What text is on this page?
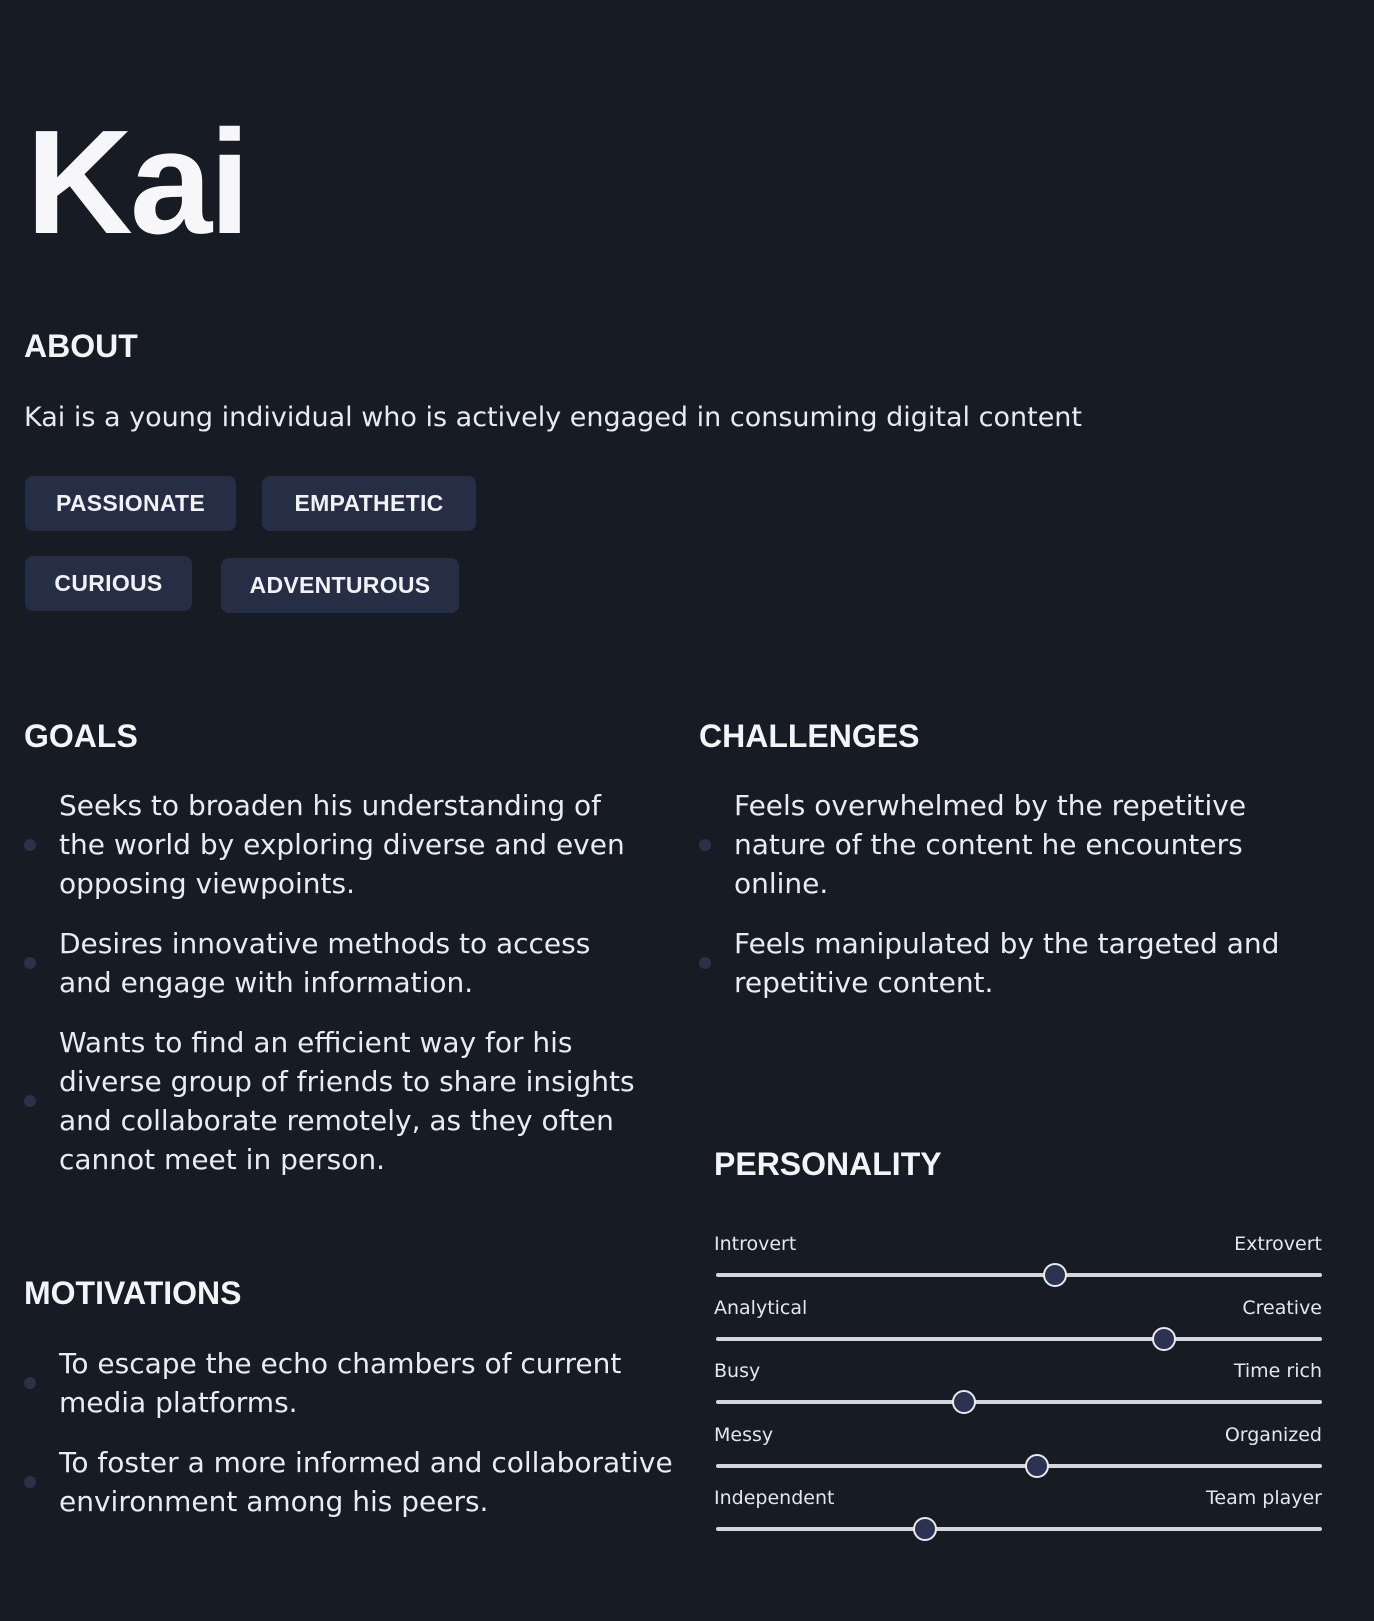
Kai
ABOUT

Kai is a young individual who is actively engaged in consuming digital content

PASSIONATE	EMPATHETIC
CURIOUS	ADVENTUROUS
GOALS
Seeks to broaden his understanding of the world by exploring diverse and even opposing viewpoints.
Desires innovative methods to access and engage with information.
Wants to find an efficient way for his diverse group of friends to share insights and collaborate remotely, as they often cannot meet in person.
CHALLENGES
Feels overwhelmed by the repetitive nature of the content he encounters online.
Feels manipulated by the targeted and repetitive content.
MOTIVATIONS
To escape the echo chambers of current media platforms.
To foster a more informed and collaborative environment among his peers.
PERSONALITY
Introvert	Extrovert
Analytical	Creative
Busy	Time rich
Messy	Organized
Independent	Team player
